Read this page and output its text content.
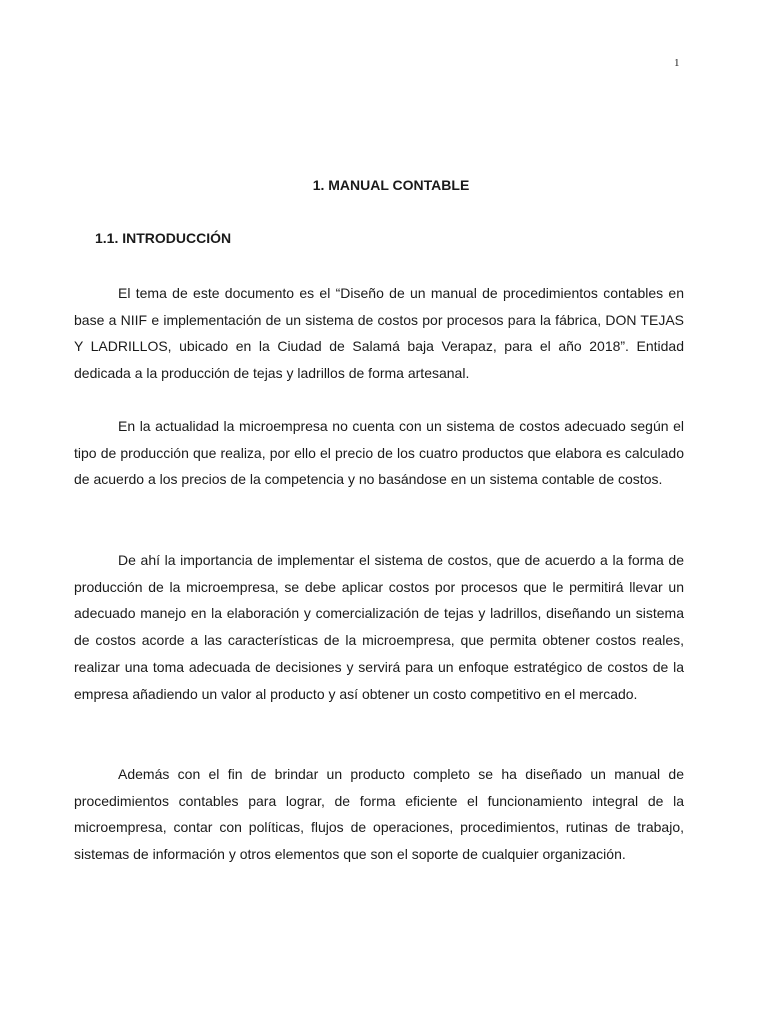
1
1. MANUAL CONTABLE
1.1. INTRODUCCIÓN

El tema de este documento es el “Diseño de un manual de procedimientos contables en base a NIIF e implementación de un sistema de costos por procesos para la fábrica, DON TEJAS Y LADRILLOS, ubicado en la Ciudad de Salamá baja Verapaz, para el año 2018”. Entidad dedicada a la producción de tejas y ladrillos de forma artesanal.

En la actualidad la microempresa no cuenta con un sistema de costos adecuado según el tipo de producción que realiza, por ello el precio de los cuatro productos que elabora es calculado de acuerdo a los precios de la competencia y no basándose en un sistema contable de costos.

De ahí la importancia de implementar el sistema de costos, que de acuerdo a la forma de producción de la microempresa, se debe aplicar costos por procesos que le permitirá llevar un adecuado manejo en la elaboración y comercialización de tejas y ladrillos, diseñando un sistema de costos acorde a las características de la microempresa, que permita obtener costos reales, realizar una toma adecuada de decisiones y servirá para un enfoque estratégico de costos de la empresa añadiendo un valor al producto y así obtener un costo competitivo en el mercado.

Además con el fin de brindar un producto completo se ha diseñado un manual de procedimientos contables para lograr, de forma eficiente el funcionamiento integral de la microempresa, contar con políticas, flujos de operaciones, procedimientos, rutinas de trabajo, sistemas de información y otros elementos que son el soporte de cualquier organización.
